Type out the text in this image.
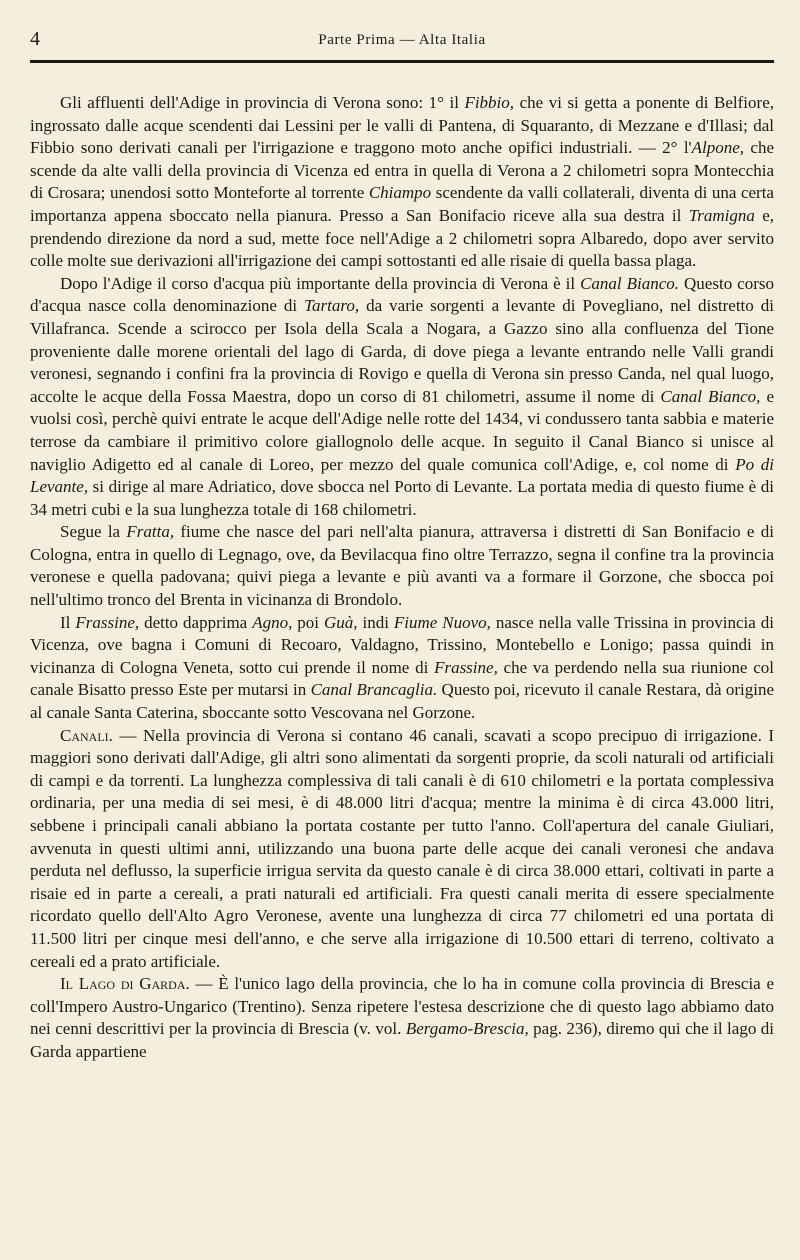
4	Parte Prima — Alta Italia

Gli affluenti dell'Adige in provincia di Verona sono: 1° il Fibbio, che vi si getta a ponente di Belfiore, ingrossato dalle acque scendenti dai Lessini per le valli di Pantena, di Squaranto, di Mezzane e d'Illasi; dal Fibbio sono derivati canali per l'irrigazione e traggono moto anche opifici industriali. — 2° l'Alpone, che scende da alte valli della provincia di Vicenza ed entra in quella di Verona a 2 chilometri sopra Montecchia di Crosara; unendosi sotto Monteforte al torrente Chiampo scendente da valli collaterali, diventa di una certa importanza appena sboccato nella pianura. Presso a San Bonifacio riceve alla sua destra il Tramigna e, prendendo direzione da nord a sud, mette foce nell'Adige a 2 chilometri sopra Albaredo, dopo aver servito colle molte sue derivazioni all'irrigazione dei campi sottostanti ed alle risaie di quella bassa plaga.

Dopo l'Adige il corso d'acqua più importante della provincia di Verona è il Canal Bianco. Questo corso d'acqua nasce colla denominazione di Tartaro, da varie sorgenti a levante di Povegliano, nel distretto di Villafranca. Scende a scirocco per Isola della Scala a Nogara, a Gazzo sino alla confluenza del Tione proveniente dalle morene orientali del lago di Garda, di dove piega a levante entrando nelle Valli grandi veronesi, segnando i confini fra la provincia di Rovigo e quella di Verona sin presso Canda, nel qual luogo, accolte le acque della Fossa Maestra, dopo un corso di 81 chilometri, assume il nome di Canal Bianco, e vuolsi così, perchè quivi entrate le acque dell'Adige nelle rotte del 1434, vi condussero tanta sabbia e materie terrose da cambiare il primitivo colore giallognolo delle acque. In seguito il Canal Bianco si unisce al naviglio Adigetto ed al canale di Loreo, per mezzo del quale comunica coll'Adige, e, col nome di Po di Levante, si dirige al mare Adriatico, dove sbocca nel Porto di Levante. La portata media di questo fiume è di 34 metri cubi e la sua lunghezza totale di 168 chilometri.

Segue la Fratta, fiume che nasce del pari nell'alta pianura, attraversa i distretti di San Bonifacio e di Cologna, entra in quello di Legnago, ove, da Bevilacqua fino oltre Terrazzo, segna il confine tra la provincia veronese e quella padovana; quivi piega a levante e più avanti va a formare il Gorzone, che sbocca poi nell'ultimo tronco del Brenta in vicinanza di Brondolo.

Il Frassine, detto dapprima Agno, poi Guà, indi Fiume Nuovo, nasce nella valle Trissina in provincia di Vicenza, ove bagna i Comuni di Recoaro, Valdagno, Trissino, Montebello e Lonigo; passa quindi in vicinanza di Cologna Veneta, sotto cui prende il nome di Frassine, che va perdendo nella sua riunione col canale Bisatto presso Este per mutarsi in Canal Brancaglia. Questo poi, ricevuto il canale Restara, dà origine al canale Santa Caterina, sboccante sotto Vescovana nel Gorzone.

Canali. — Nella provincia di Verona si contano 46 canali, scavati a scopo precipuo di irrigazione. I maggiori sono derivati dall'Adige, gli altri sono alimentati da sorgenti proprie, da scoli naturali od artificiali di campi e da torrenti. La lunghezza complessiva di tali canali è di 610 chilometri e la portata complessiva ordinaria, per una media di sei mesi, è di 48.000 litri d'acqua; mentre la minima è di circa 43.000 litri, sebbene i principali canali abbiano la portata costante per tutto l'anno. Coll'apertura del canale Giuliari, avvenuta in questi ultimi anni, utilizzando una buona parte delle acque dei canali veronesi che andava perduta nel deflusso, la superficie irrigua servita da questo canale è di circa 38.000 ettari, coltivati in parte a risaie ed in parte a cereali, a prati naturali ed artificiali. Fra questi canali merita di essere specialmente ricordato quello dell'Alto Agro Veronese, avente una lunghezza di circa 77 chilometri ed una portata di 11.500 litri per cinque mesi dell'anno, e che serve alla irrigazione di 10.500 ettari di terreno, coltivato a cereali ed a prato artificiale.

Il Lago di Garda. — È l'unico lago della provincia, che lo ha in comune colla provincia di Brescia e coll'Impero Austro-Ungarico (Trentino). Senza ripetere l'estesa descrizione che di questo lago abbiamo dato nei cenni descrittivi per la provincia di Brescia (v. vol. Bergamo-Brescia, pag. 236), diremo qui che il lago di Garda appartiene
